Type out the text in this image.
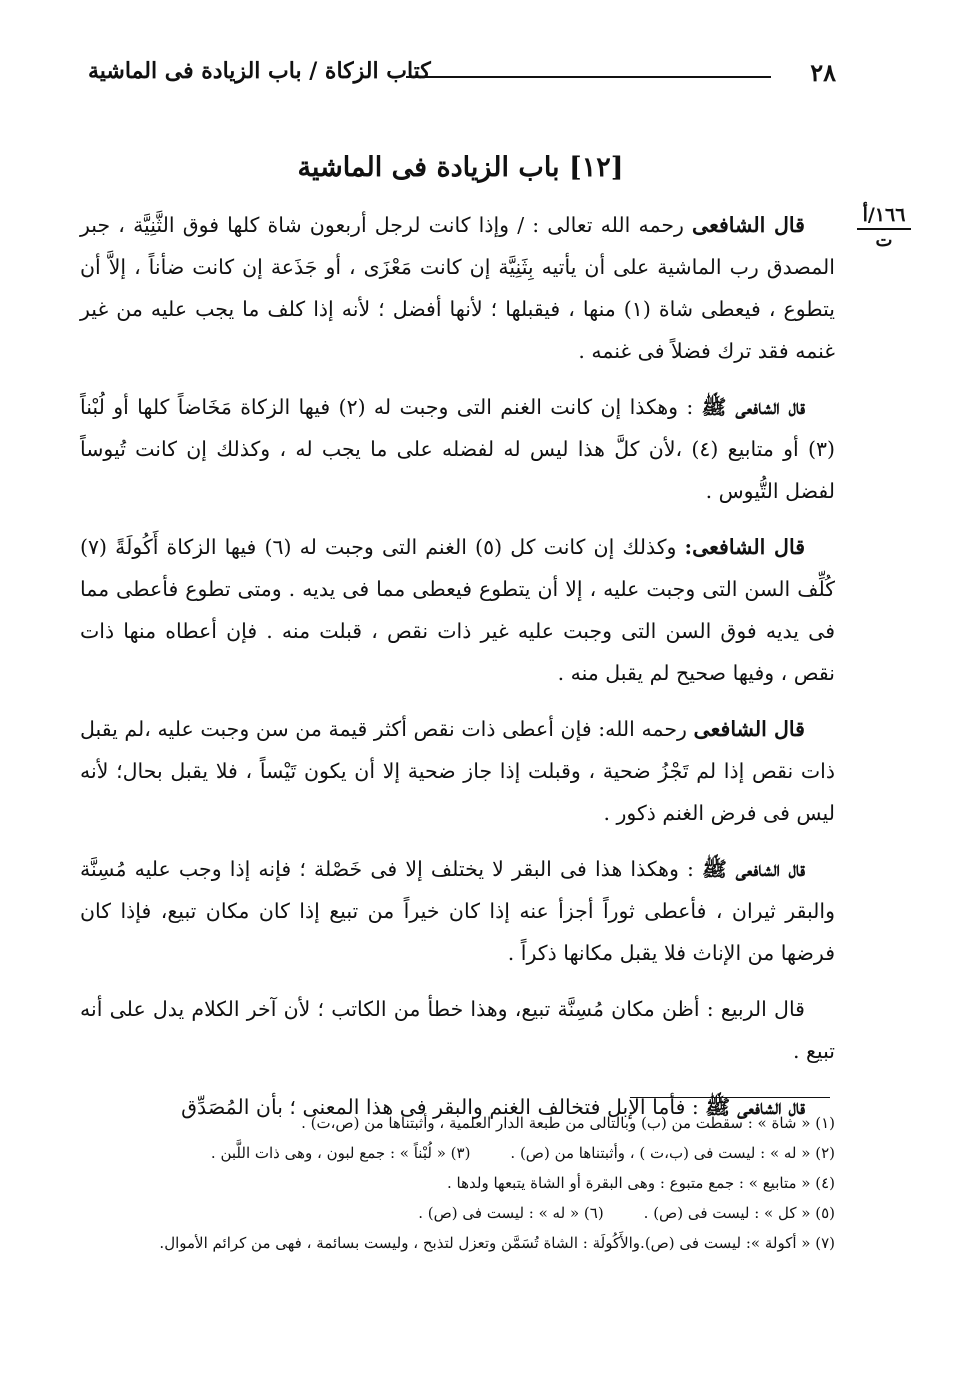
٢٨
كتاب الزكاة / باب الزيادة فى الماشية
١٦٦/أ
ت
[١٢] باب الزيادة فى الماشية

قال الشافعى رحمه الله تعالى : / وإذا كانت لرجل أربعون شاة كلها فوق الثَّنِيَّة ، جبر المصدق رب الماشية على أن يأتيه بِثَنِيَّة إن كانت مَعْزَى ، أو جَذَعة إن كانت ضأناً ، إلاَّ أن يتطوع ، فيعطى شاة (١) منها ، فيقبلها ؛ لأنها أفضل ؛ لأنه إذا كلف ما يجب عليه من غير غنمه فقد ترك فضلاً فى غنمه .

قال الشافعى ﷺ : وهكذا إن كانت الغنم التى وجبت له (٢) فيها الزكاة مَخَاضاً كلها أو لُبْناً (٣) أو متابيع (٤) ،لأن كلَّ هذا ليس له لفضله على ما يجب له ، وكذلك إن كانت تُيوساً لفضل التُّيوس .

قال الشافعى: وكذلك إن كانت كل (٥) الغنم التى وجبت له (٦) فيها الزكاة أَكُولَةً (٧) كُلِّف السن التى وجبت عليه ، إلا أن يتطوع فيعطى مما فى يديه . ومتى تطوع فأعطى مما فى يديه فوق السن التى وجبت عليه غير ذات نقص ، قبلت منه . فإن أعطاه منها ذات نقص ، وفيها صحيح لم يقبل منه .

قال الشافعى رحمه الله: فإن أعطى ذات نقص أكثر قيمة من سن وجبت عليه ،لم يقبل ذات نقص إذا لم تَجْزُ ضحية ، وقبلت إذا جاز ضحية إلا أن يكون تَيْساً ، فلا يقبل بحال؛ لأنه ليس فى فرض الغنم ذكور .

قال الشافعى ﷺ : وهكذا هذا فى البقر لا يختلف إلا فى خَصْلة ؛ فإنه إذا وجب عليه مُسِنَّة والبقر ثيران ، فأعطى ثوراً أجزأ عنه إذا كان خيراً من تبيع إذا كان مكان تبيع، فإذا كان فرضها من الإناث فلا يقبل مكانها ذكراً .

قال الربيع : أظن مكان مُسِنَّة تبيع، وهذا خطأ من الكاتب ؛ لأن آخر الكلام يدل على أنه تبيع .

قال الشافعى ﷺ : فأما الإبل فتخالف الغنم والبقر فى هذا المعنى ؛ بأن المُصَدِّق

(١) « شاة » : سقطت من (ب) وبالتالى من طبعة الدار العلمية ، وأثبتناها من (ص،ت) .

(٢) « له » : ليست فى (ب،ت ) ، وأثبتناها من (ص) .
(٣) « لُبْناً » : جمع لبون ، وهى ذات اللَّبن .

(٤) « متابيع » : جمع متبوع : وهى البقرة أو الشاة يتبعها ولدها .

(٥) « كل » : ليست فى (ص) .
(٦) « له » : ليست فى (ص) .

(٧) « أكولة »: ليست فى (ص).والأَكُولَة : الشاة تُسَمَّن وتعزل لتذبح ، وليست بسائمة ، فهى من كرائم الأموال.
